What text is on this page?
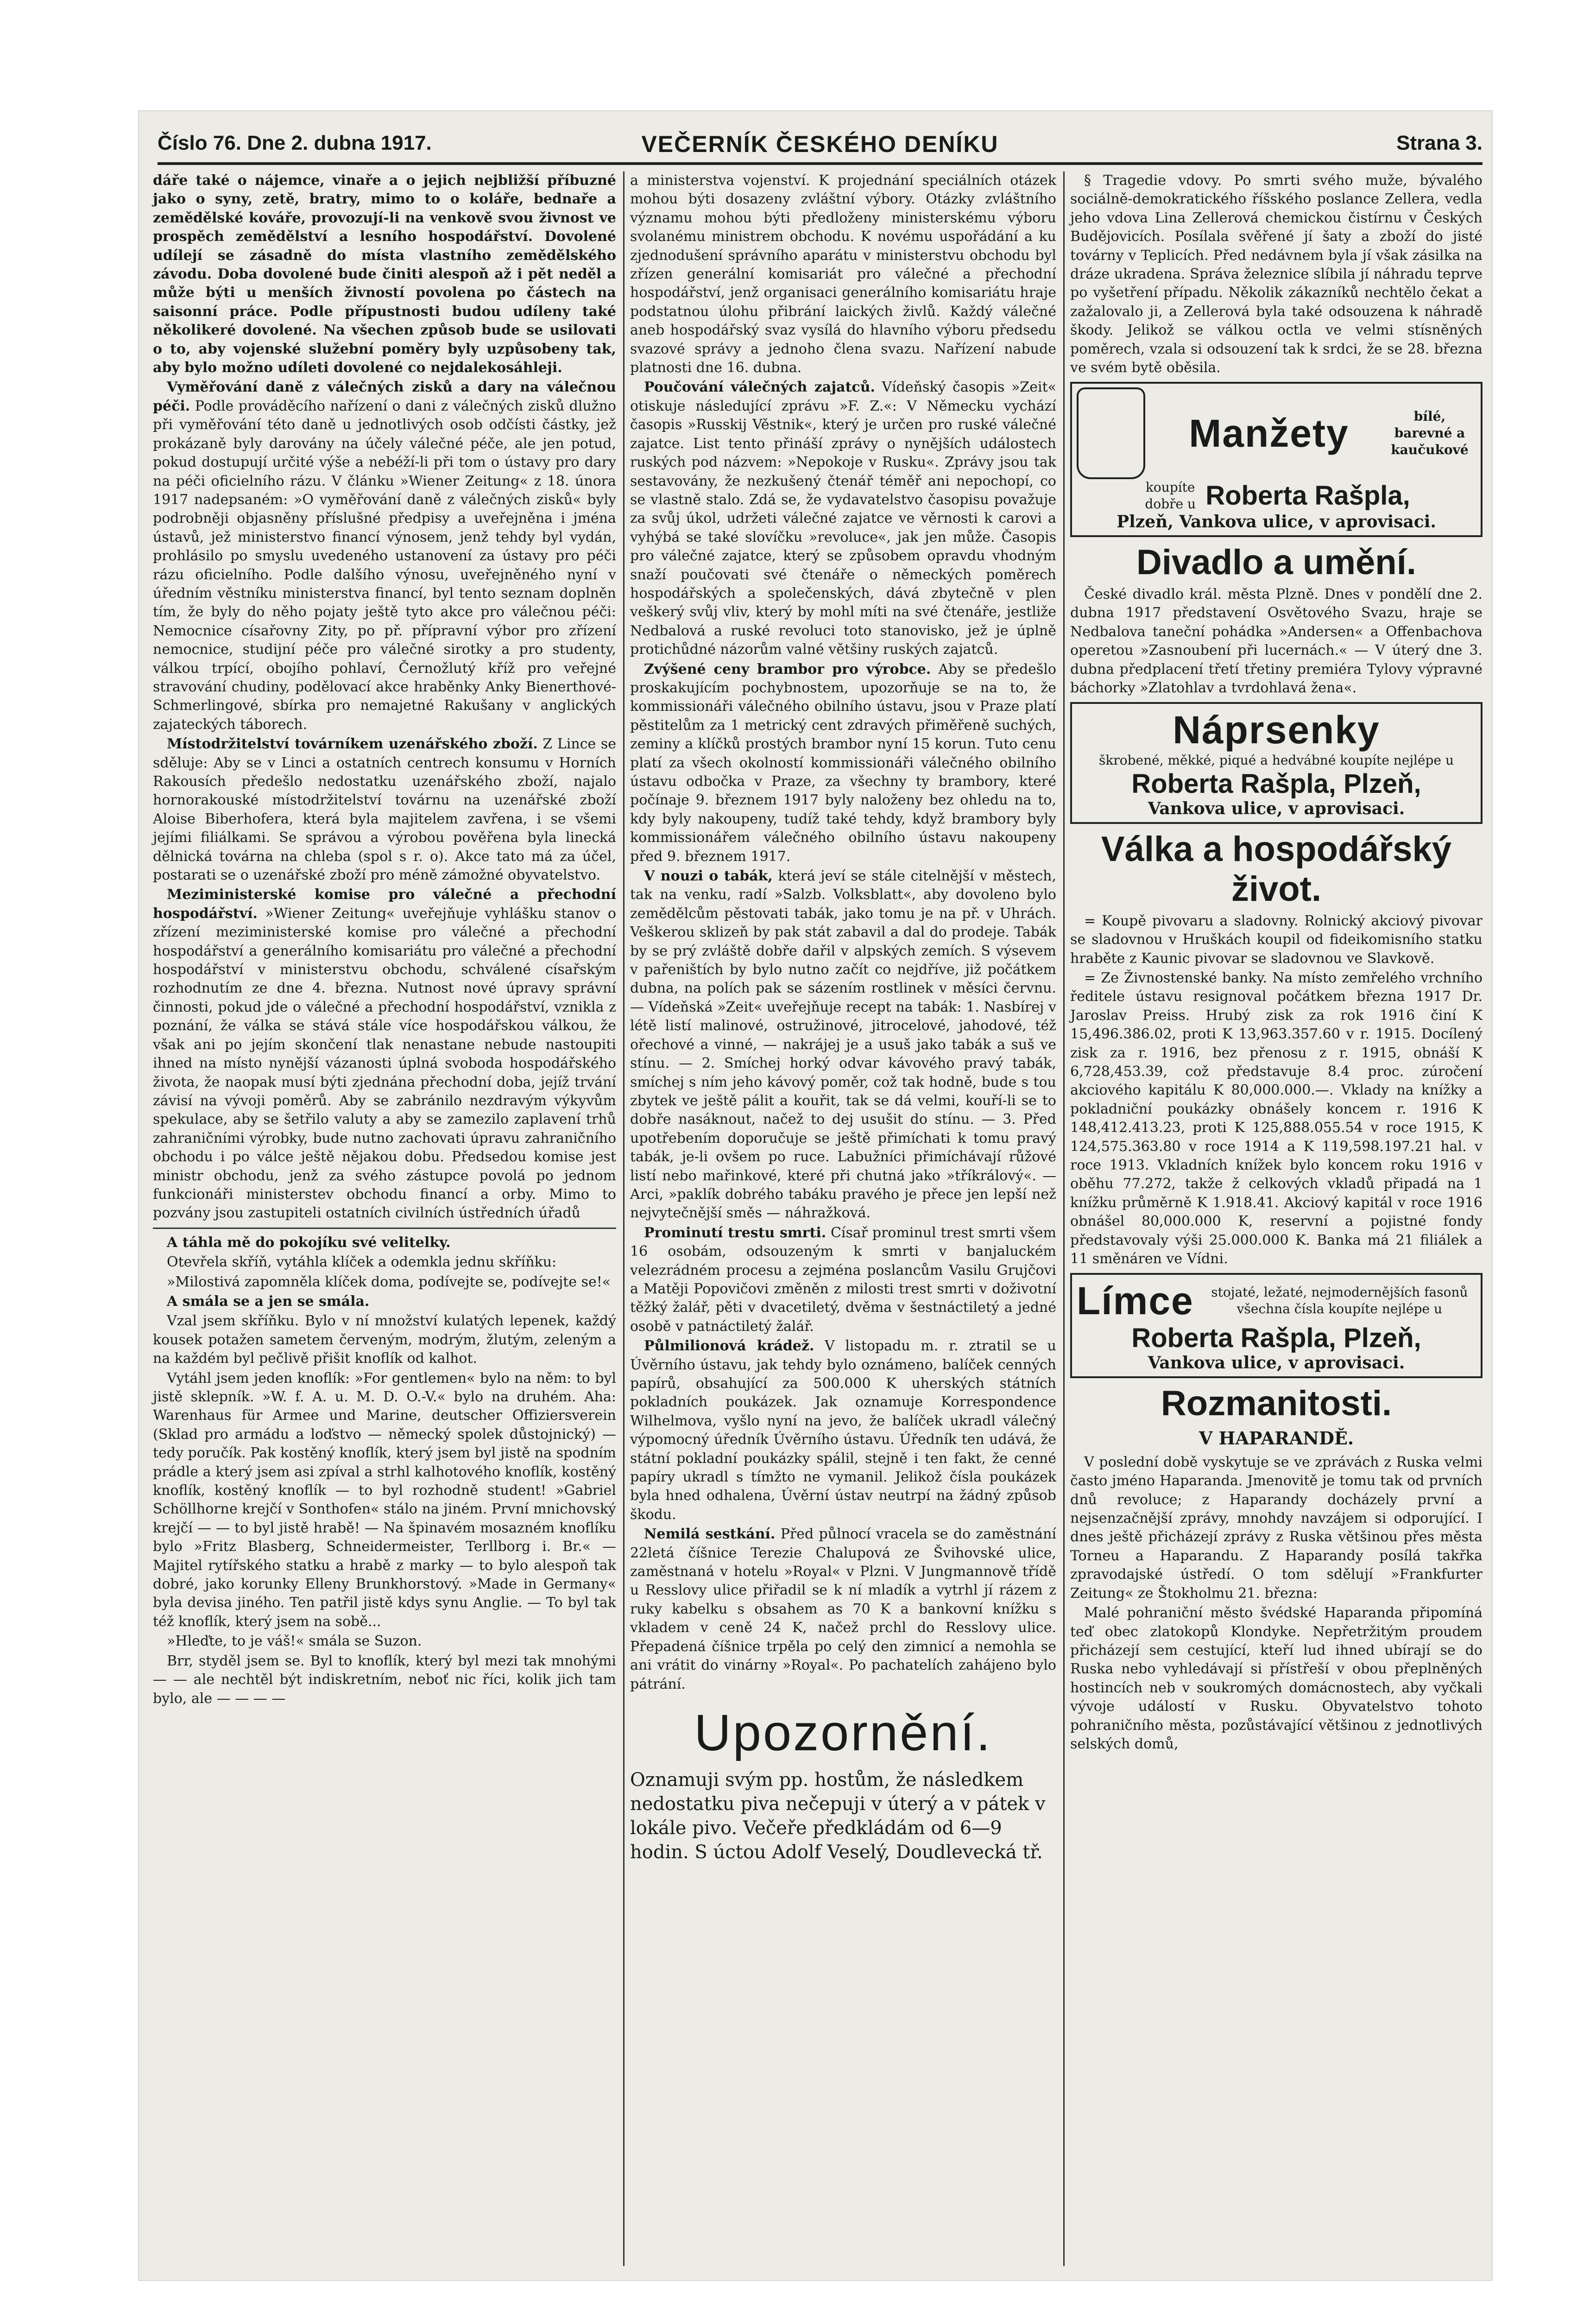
Číslo 76. Dne 2. dubna 1917.	VEČERNÍK ČESKÉHO DENÍKU	Strana 3.

dáře také o nájemce, vinaře a o jejich nejbližší příbuzné jako o syny, zetě, bratry, mimo to o koláře, bednaře a zemědělské kováře, provozují-li na venkově svou živnost ve prospěch zemědělství a lesního hospodářství. Dovolené udílejí se zásadně do místa vlastního zemědělského závodu. Doba dovolené bude činiti alespoň až i pět neděl a může býti u menších živností povolena po částech na saisonní práce. Podle přípustnosti budou udíleny také několikeré dovolené. Na všechen způsob bude se usilovati o to, aby vojenské služební poměry byly uzpůsobeny tak, aby bylo možno udíleti dovolené co nejdalekosáhleji.

Vyměřování daně z válečných zisků a dary na válečnou péči. Podle prováděcího nařízení o dani z válečných zisků dlužno při vyměřování této daně u jednotlivých osob odčísti částky, jež prokázaně byly darovány na účely válečné péče, ale jen potud, pokud dostupují určité výše a nebéží-li při tom o ústavy pro dary na péči oficielního rázu. V článku »Wiener Zeitung« z 18. února 1917 nadepsaném: »O vyměřování daně z válečných zisků« byly podrobněji objasněny příslušné předpisy a uveřejněna i jména ústavů, jež ministerstvo financí výnosem, jenž tehdy byl vydán, prohlásilo po smyslu uvedeného ustanovení za ústavy pro péči rázu oficielního. Podle dalšího výnosu, uveřejněného nyní v úředním věstníku ministerstva financí, byl tento seznam doplněn tím, že byly do něho pojaty ještě tyto akce pro válečnou péči: Nemocnice císařovny Zity, po př. přípravní výbor pro zřízení nemocnice, studijní péče pro válečné sirotky a pro studenty, válkou trpící, obojího pohlaví, Černožlutý kříž pro veřejné stravování chudiny, podělovací akce hraběnky Anky Bienerthové-Schmerlingové, sbírka pro nemajetné Rakušany v anglických zajateckých táborech.

Místodržitelství továrníkem uzenářského zboží. Z Lince se sděluje: Aby se v Linci a ostatních centrech konsumu v Horních Rakousích předešlo nedostatku uzenářského zboží, najalo hornorakouské místodržitelství továrnu na uzenářské zboží Aloise Biberhofera, která byla majitelem zavřena, i se všemi jejími filiálkami. Se správou a výrobou pověřena byla linecká dělnická továrna na chleba (spol s r. o). Akce tato má za účel, postarati se o uzenářské zboží pro méně zámožné obyvatelstvo.

Meziministerské komise pro válečné a přechodní hospodářství. »Wiener Zeitung« uveřejňuje vyhlášku stanov o zřízení meziministerské komise pro válečné a přechodní hospodářství a generálního komisariátu pro válečné a přechodní hospodářství v ministerstvu obchodu, schválené císařským rozhodnutím ze dne 4. března. Nutnost nové úpravy správní činnosti, pokud jde o válečné a přechodní hospodářství, vznikla z poznání, že válka se stává stále více hospodářskou válkou, že však ani po jejím skončení tlak nenastane nebude nastoupiti ihned na místo nynější vázanosti úplná svoboda hospodářského života, že naopak musí býti zjednána přechodní doba, jejíž trvání závisí na vývoji poměrů. Aby se zabránilo nezdravým výkyvům spekulace, aby se šetřilo valuty a aby se zamezilo zaplavení trhů zahraničními výrobky, bude nutno zachovati úpravu zahraničního obchodu i po válce ještě nějakou dobu. Předsedou komise jest ministr obchodu, jenž za svého zástupce povolá po jednom funkcionáři ministerstev obchodu financí a orby. Mimo to pozvány jsou zastupiteli ostatních civilních ústředních úřadů

A táhla mě do pokojíku své velitelky.

Otevřela skříň, vytáhla klíček a odemkla jednu skříňku:

»Milostivá zapomněla klíček doma, podívejte se, podívejte se!«

A smála se a jen se smála.

Vzal jsem skříňku. Bylo v ní množství kulatých lepenek, každý kousek potažen sametem červeným, modrým, žlutým, zeleným a na každém byl pečlivě přišit knoflík od kalhot.

Vytáhl jsem jeden knoflík: »For gentlemen« bylo na něm: to byl jistě sklepník. »W. f. A. u. M. D. O.-V.« bylo na druhém. Aha: Warenhaus für Armee und Marine, deutscher Offiziersverein (Sklad pro armádu a loďstvo — německý spolek důstojnický) — tedy poručík. Pak kostěný knoflík, který jsem byl jistě na spodním prádle a který jsem asi zpíval a strhl kalhotového knoflík, kostěný knoflík, kostěný knoflík — to byl rozhodně student! »Gabriel Schöllhorne krejčí v Sonthofen« stálo na jiném. První mnichovský krejčí — — to byl jistě hrabě! — Na špinavém mosazném knoflíku bylo »Fritz Blasberg, Schneidermeister, Terllborg i. Br.« — Majitel rytířského statku a hrabě z marky — to bylo alespoň tak dobré, jako korunky Elleny Brunkhorstový. »Made in Germany« byla devisa jiného. Ten patřil jistě kdys synu Anglie. — To byl tak též knoflík, který jsem na sobě...

»Hleďte, to je váš!« smála se Suzon.

Brr, styděl jsem se. Byl to knoflík, který byl mezi tak mnohými — — ale nechtěl být indiskretním, neboť nic říci, kolik jich tam bylo, ale — — — —

a ministerstva vojenství. K projednání speciálních otázek mohou býti dosazeny zvláštní výbory. Otázky zvláštního významu mohou býti předloženy ministerskému výboru svolanému ministrem obchodu. K novému uspořádání a ku zjednodušení správního aparátu v ministerstvu obchodu byl zřízen generální komisariát pro válečné a přechodní hospodářství, jenž organisaci generálního komisariátu hraje podstatnou úlohu přibrání laických živlů. Každý válečné aneb hospodářský svaz vysílá do hlavního výboru předsedu svazové správy a jednoho člena svazu. Nařízení nabude platnosti dne 16. dubna.

Poučování válečných zajatců. Vídeňský časopis »Zeit« otiskuje následující zprávu »F. Z.«: V Německu vychází časopis »Russkij Věstnik«, který je určen pro ruské válečné zajatce. List tento přináší zprávy o nynějších událostech ruských pod názvem: »Nepokoje v Rusku«. Zprávy jsou tak sestavovány, že nezkušený čtenář téměř ani nepochopí, co se vlastně stalo. Zdá se, že vydavatelstvo časopisu považuje za svůj úkol, udržeti válečné zajatce ve věrnosti k carovi a vyhýbá se také slovíčku »revoluce«, jak jen může. Časopis pro válečné zajatce, který se způsobem opravdu vhodným snaží poučovati své čtenáře o německých poměrech hospodářských a společenských, dává zbytečně v plen veškerý svůj vliv, který by mohl míti na své čtenáře, jestliže Nedbalová a ruské revoluci toto stanovisko, jež je úplně protichůdné názorům valné většiny ruských zajatců.

Zvýšené ceny brambor pro výrobce. Aby se předešlo proskakujícím pochybnostem, upozorňuje se na to, že kommissionáři válečného obilního ústavu, jsou v Praze platí pěstitelům za 1 metrický cent zdravých přiměřeně suchých, zeminy a klíčků prostých brambor nyní 15 korun. Tuto cenu platí za všech okolností kommissionáři válečného obilního ústavu odbočka v Praze, za všechny ty brambory, které počínaje 9. březnem 1917 byly naloženy bez ohledu na to, kdy byly nakoupeny, tudíž také tehdy, když brambory byly kommissionářem válečného obilního ústavu nakoupeny před 9. březnem 1917.

V nouzi o tabák, která jeví se stále citelnější v městech, tak na venku, radí »Salzb. Volksblatt«, aby dovoleno bylo zemědělcům pěstovati tabák, jako tomu je na př. v Uhrách. Veškerou sklizeň by pak stát zabavil a dal do prodeje. Tabák by se prý zvláště dobře dařil v alpských zemích. S výsevem v pařeništích by bylo nutno začít co nejdříve, již počátkem dubna, na polích pak se sázením rostlinek v měsíci červnu. — Vídeňská »Zeit« uveřejňuje recept na tabák: 1. Nasbírej v létě listí malinové, ostružinové, jitrocelové, jahodové, též ořechové a vinné, — nakrájej je a usuš jako tabák a suš ve stínu. — 2. Smíchej horký odvar kávového pravý tabák, smíchej s ním jeho kávový poměr, což tak hodně, bude s tou zbytek ve ještě pálit a kouřit, tak se dá velmi, kouří-li se to dobře nasáknout, načež to dej usušit do stínu. — 3. Před upotřebením doporučuje se ještě přimíchati k tomu pravý tabák, je-li ovšem po ruce. Labužníci přimíchávají růžové listí nebo mařinkové, které při chutná jako »tříkrálový«. — Arci, »paklík dobrého tabáku pravého je přece jen lepší než nejvytečnější směs — náhražková.

Prominutí trestu smrti. Císař prominul trest smrti všem 16 osobám, odsouzeným k smrti v banjaluckém velezrádném procesu a zejména poslancům Vasilu Grujčovi a Matěji Popovičovi změněn z milosti trest smrti v doživotní těžký žalář, pěti v dvacetiletý, dvěma v šestnáctiletý a jedné osobě v patnáctiletý žalář.

Půlmilionová krádež. V listopadu m. r. ztratil se u Úvěrního ústavu, jak tehdy bylo oznámeno, balíček cenných papírů, obsahující za 500.000 K uherských státních pokladních poukázek. Jak oznamuje Korrespondence Wilhelmova, vyšlo nyní na jevo, že balíček ukradl válečný výpomocný úředník Úvěrního ústavu. Úředník ten udává, že státní pokladní poukázky spálil, stejně i ten fakt, že cenné papíry ukradl s tímžto ne vymanil. Jelikož čísla poukázek byla hned odhalena, Úvěrní ústav neutrpí na žádný způsob škodu.

Nemilá sestkání. Před půlnocí vracela se do zaměstnání 22letá číšnice Terezie Chalupová ze Švihovské ulice, zaměstnaná v hotelu »Royal« v Plzni. V Jungmannově třídě u Resslovy ulice přiřadil se k ní mladík a vytrhl jí rázem z ruky kabelku s obsahem as 70 K a bankovní knížku s vkladem v ceně 24 K, načež prchl do Resslovy ulice. Přepadená číšnice trpěla po celý den zimnicí a nemohla se ani vrátit do vinárny »Royal«. Po pachatelích zahájeno bylo pátrání.

Upozornění.
Oznamuji svým pp. hostům, že následkem nedostatku piva nečepuji v úterý a v pátek v lokále pivo. Večeře předkládám od 6—9 hodin. S úctou Adolf Veselý, Doudlevecká tř.

§ Tragedie vdovy. Po smrti svého muže, bývalého sociálně-demokratického říšského poslance Zellera, vedla jeho vdova Lina Zellerová chemickou čistírnu v Českých Budějovicích. Posílala svěřené jí šaty a zboží do jisté továrny v Teplicích. Před nedávnem byla jí však zásilka na dráze ukradena. Správa železnice slíbila jí náhradu teprve po vyšetření případu. Několik zákazníků nechtělo čekat a zažalovalo ji, a Zellerová byla také odsouzena k náhradě škody. Jelikož se válkou octla ve velmi stísněných poměrech, vzala si odsouzení tak k srdci, že se 28. března ve svém bytě oběsila.

Manžety	bílé, barevné a kaučukové
koupíte dobře u Roberta Rašpla,
Plzeň, Vankova ulice, v aprovisaci.
Divadlo a umění.

České divadlo král. města Plzně. Dnes v pondělí dne 2. dubna 1917 představení Osvětového Svazu, hraje se Nedbalova taneční pohádka »Andersen« a Offenbachova operetou »Zasnoubení při lucernách.« — V úterý dne 3. dubna předplacení třetí třetiny premiéra Tylovy výpravné báchorky »Zlatohlav a tvrdohlavá žena«.

Náprsenky
škrobené, měkké, piqué a hedvábné koupíte nejlépe u
Roberta Rašpla, Plzeň,
Vankova ulice, v aprovisaci.
Válka a hospodářský život.

= Koupě pivovaru a sladovny. Rolnický akciový pivovar se sladovnou v Hruškách koupil od fideikomisního statku hraběte z Kaunic pivovar se sladovnou ve Slavkově.

= Ze Živnostenské banky. Na místo zemřelého vrchního ředitele ústavu resignoval počátkem března 1917 Dr. Jaroslav Preiss. Hrubý zisk za rok 1916 činí K 15,496.386.02, proti K 13,963.357.60 v r. 1915. Docílený zisk za r. 1916, bez přenosu z r. 1915, obnáší K 6,728,453.39, což představuje 8.4 proc. zúročení akciového kapitálu K 80,000.000.—. Vklady na knížky a pokladniční poukázky obnášely koncem r. 1916 K 148,412.413.23, proti K 125,888.055.54 v roce 1915, K 124,575.363.80 v roce 1914 a K 119,598.197.21 hal. v roce 1913. Vkladních knížek bylo koncem roku 1916 v oběhu 77.272, takže ž celkových vkladů připadá na 1 knížku průměrně K 1.918.41. Akciový kapitál v roce 1916 obnášel 80,000.000 K, reservní a pojistné fondy představovaly výši 25.000.000 K. Banka má 21 filiálek a 11 směnáren ve Vídni.

Límce	stojaté, ležaté, nejmodernějších fasonů všechna čísla koupíte nejlépe u
Roberta Rašpla, Plzeň,
Vankova ulice, v aprovisaci.
Rozmanitosti.
V HAPARANDĚ.

V poslední době vyskytuje se ve zprávách z Ruska velmi často jméno Haparanda. Jmenovitě je tomu tak od prvních dnů revoluce; z Haparandy docházely první a nejsenzačnější zprávy, mnohdy navzájem si odporující. I dnes ještě přicházejí zprávy z Ruska většinou přes města Torneu a Haparandu. Z Haparandy posílá takřka zpravodajské ústředí. O tom sdělují »Frankfurter Zeitung« ze Štokholmu 21. března:

Malé pohraniční město švédské Haparanda připomíná teď obec zlatokopů Klondyke. Nepřetržitým proudem přicházejí sem cestující, kteří lud ihned ubírají se do Ruska nebo vyhledávají si přístřeší v obou přeplněných hostincích neb v soukromých domácnostech, aby vyčkali vývoje událostí v Rusku. Obyvatelstvo tohoto pohraničního města, pozůstávající většinou z jednotlivých selských domů,
